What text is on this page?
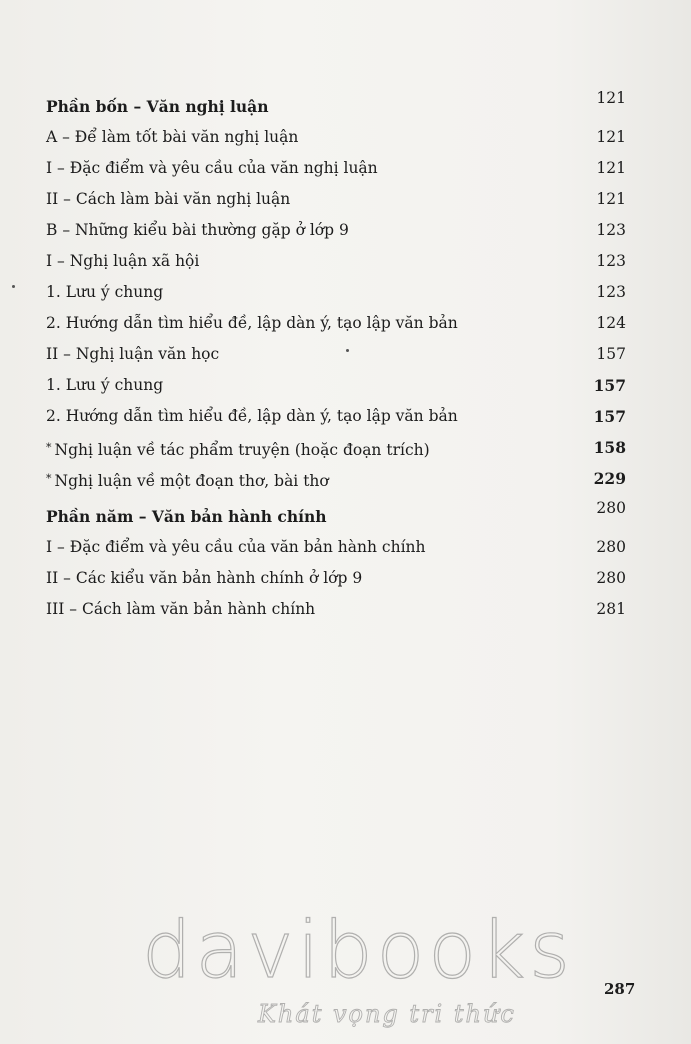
Phần bốn – Văn nghị luận	121
A – Để làm tốt bài văn nghị luận	121
I – Đặc điểm và yêu cầu của văn nghị luận	121
II – Cách làm bài văn nghị luận	121
B – Những kiểu bài thường gặp ở lớp 9	123
I – Nghị luận xã hội	123
1. Lưu ý chung	123
2. Hướng dẫn tìm hiểu đề, lập dàn ý, tạo lập văn bản	124
II – Nghị luận văn học	157
1. Lưu ý chung	157
2. Hướng dẫn tìm hiểu đề, lập dàn ý, tạo lập văn bản	157
* Nghị luận về tác phẩm truyện (hoặc đoạn trích)	158
* Nghị luận về một đoạn thơ, bài thơ	229
Phần năm – Văn bản hành chính	280
I – Đặc điểm và yêu cầu của văn bản hành chính	280
II – Các kiểu văn bản hành chính ở lớp 9	280
III – Cách làm văn bản hành chính	281
davibooks
Khát vọng tri thức
287
